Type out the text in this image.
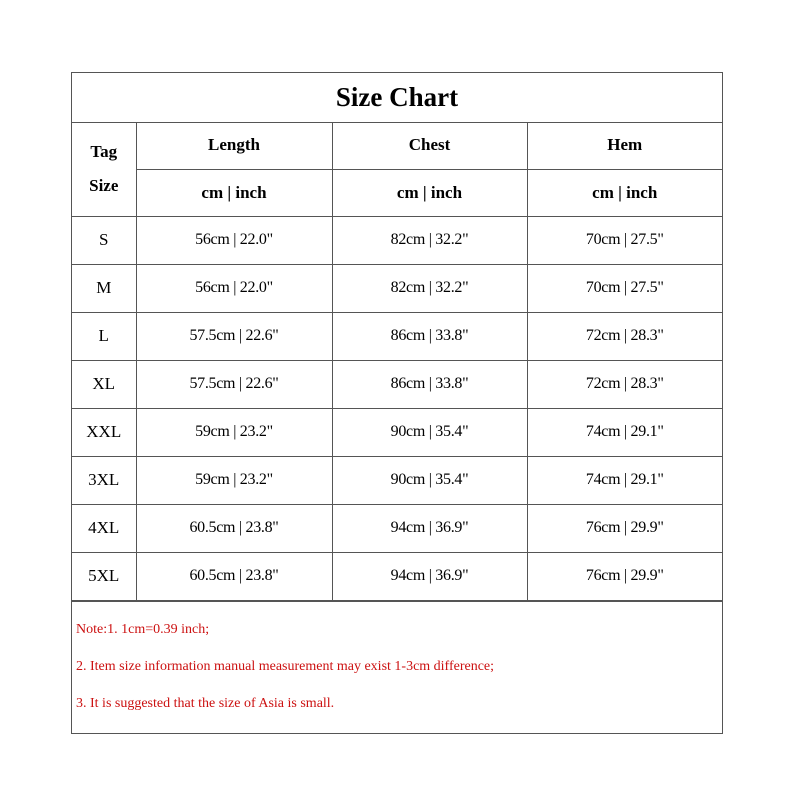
Size Chart
Tag
Size	Length	Chest	Hem
	cm | inch	cm | inch	cm | inch
S	56cm | 22.0"	82cm | 32.2"	70cm | 27.5"
M	56cm | 22.0"	82cm | 32.2"	70cm | 27.5"
L	57.5cm | 22.6"	86cm | 33.8"	72cm | 28.3"
XL	57.5cm | 22.6"	86cm | 33.8"	72cm | 28.3"
XXL	59cm | 23.2"	90cm | 35.4"	74cm | 29.1"
3XL	59cm | 23.2"	90cm | 35.4"	74cm | 29.1"
4XL	60.5cm | 23.8"	94cm | 36.9"	76cm | 29.9"
5XL	60.5cm | 23.8"	94cm | 36.9"	76cm | 29.9"
Note:1. 1cm=0.39 inch;
2. Item size information manual measurement may exist 1-3cm difference;
3. It is suggested that the size of Asia is small.
